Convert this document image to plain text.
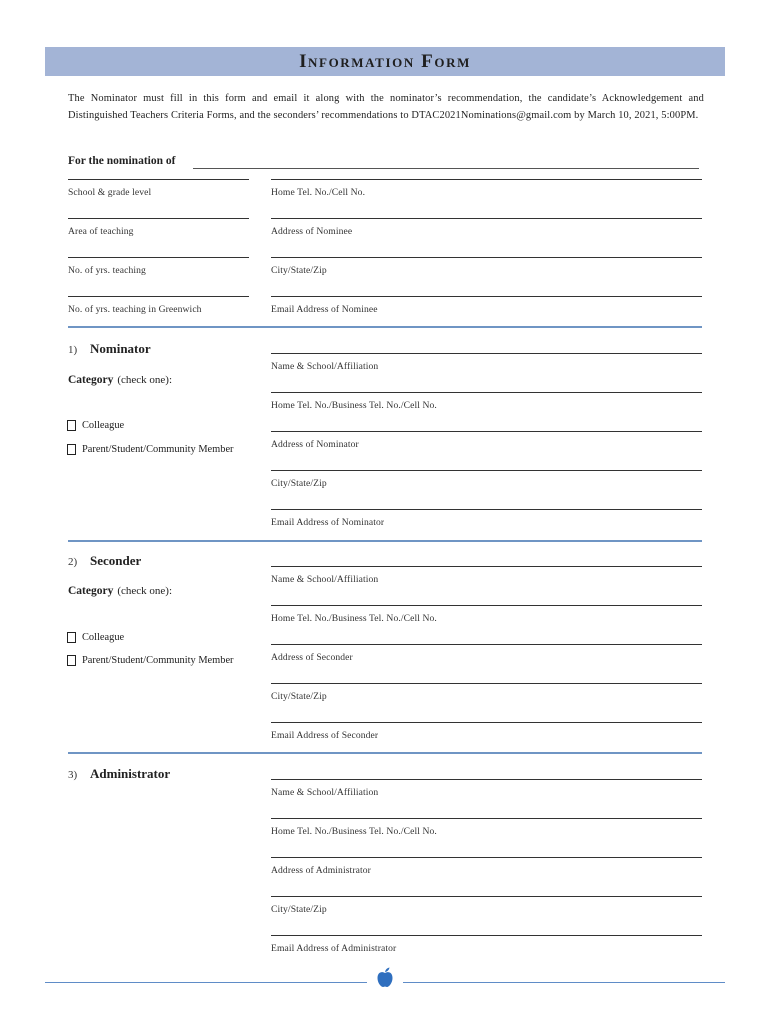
Information Form

The Nominator must fill in this form and email it along with the nominator’s recommendation, the candidate’s Acknowledgement and Distinguished Teachers Criteria Forms, and the seconders’ recommendations to DTAC2021Nominations@gmail.com by March 10, 2021, 5:00PM.

For the nomination of
School & grade level
Area of teaching
No. of yrs. teaching
No. of yrs. teaching in Greenwich
Home Tel. No./Cell No.
Address of Nominee
City/State/Zip
Email Address of Nominee
1) Nominator
Category (check one):
Colleague
Parent/Student/Community Member
Name & School/Affiliation
Home Tel. No./Business Tel. No./Cell No.
Address of Nominator
City/State/Zip
Email Address of Nominator
2) Seconder
Category (check one):
Colleague
Parent/Student/Community Member
Name & School/Affiliation
Home Tel. No./Business Tel. No./Cell No.
Address of Seconder
City/State/Zip
Email Address of Seconder
3) Administrator
Name & School/Affiliation
Home Tel. No./Business Tel. No./Cell No.
Address of Administrator
City/State/Zip
Email Address of Administrator
